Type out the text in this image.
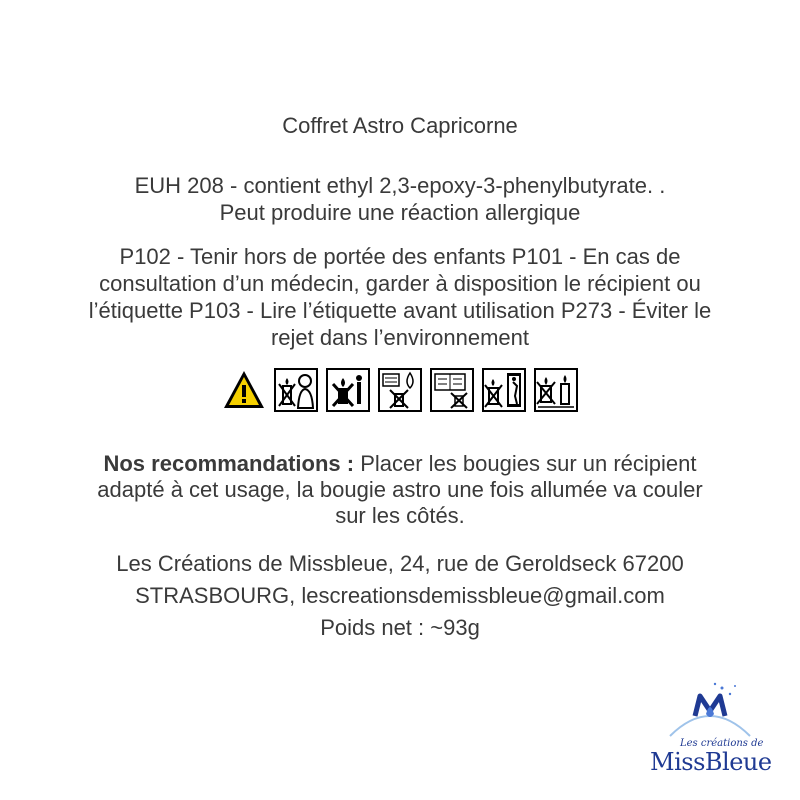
Coffret Astro Capricorne
EUH 208 - contient ethyl 2,3-epoxy-3-phenylbutyrate. .
Peut produire une réaction allergique
P102 - Tenir hors de portée des enfants P101 - En cas de
consultation d’un médecin, garder à disposition le récipient ou
l’étiquette P103 - Lire l’étiquette avant utilisation P273 - Éviter le
rejet dans l’environnement
Nos recommandations : Placer les bougies sur un récipient
adapté à cet usage, la bougie astro une fois allumée va couler
sur les côtés.
Les Créations de Missbleue, 24, rue de Geroldseck 67200
STRASBOURG, lescreationsdemissbleue@gmail.com
Poids net : ~93g
Les créations de
MissBleue
